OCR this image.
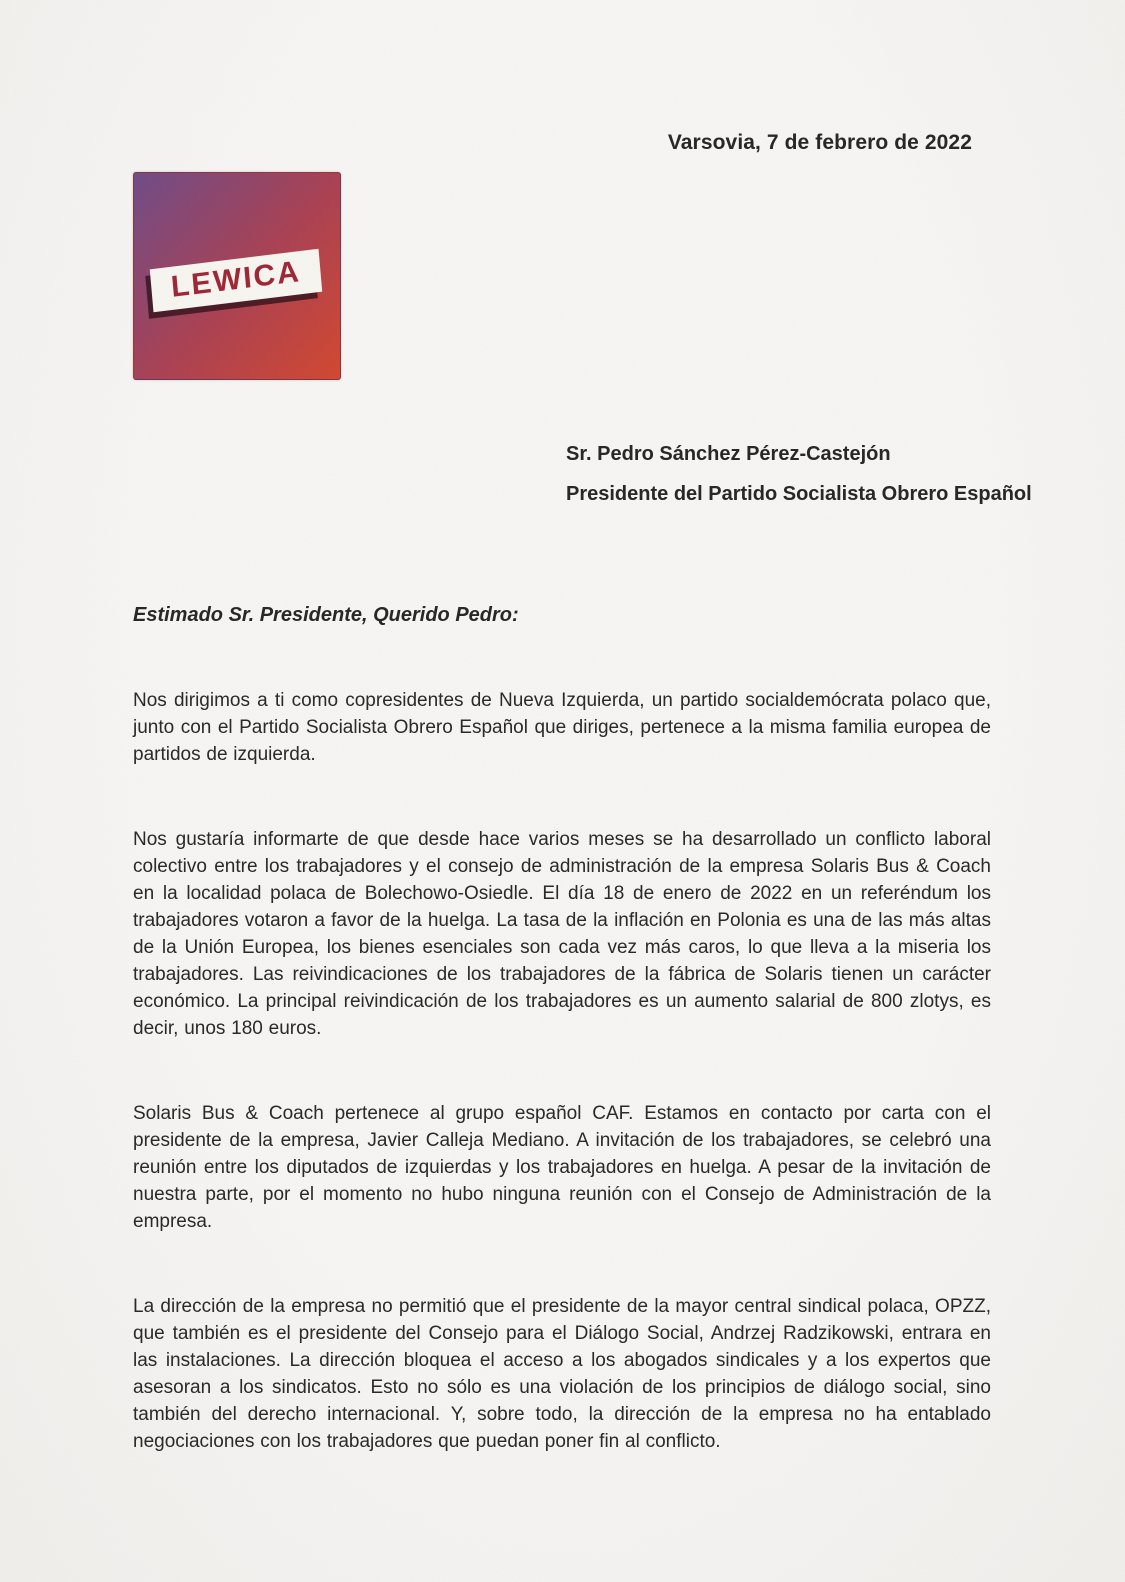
Varsovia, 7 de febrero de 2022
LEWICA
Sr. Pedro Sánchez Pérez-Castejón
Presidente del Partido Socialista Obrero Español
Estimado Sr. Presidente, Querido Pedro:

Nos dirigimos a ti como copresidentes de Nueva Izquierda, un partido socialdemócrata polaco que, junto con el Partido Socialista Obrero Español que diriges, pertenece a la misma familia europea de partidos de izquierda.

Nos gustaría informarte de que desde hace varios meses se ha desarrollado un conflicto laboral colectivo entre los trabajadores y el consejo de administración de la empresa Solaris Bus & Coach en la localidad polaca de Bolechowo-Osiedle. El día 18 de enero de 2022 en un referéndum los trabajadores votaron a favor de la huelga. La tasa de la inflación en Polonia es una de las más altas de la Unión Europea, los bienes esenciales son cada vez más caros, lo que lleva a la miseria los trabajadores. Las reivindicaciones de los trabajadores de la fábrica de Solaris tienen un carácter económico. La principal reivindicación de los trabajadores es un aumento salarial de 800 zlotys, es decir, unos 180 euros.

Solaris Bus & Coach pertenece al grupo español CAF. Estamos en contacto por carta con el presidente de la empresa, Javier Calleja Mediano. A invitación de los trabajadores, se celebró una reunión entre los diputados de izquierdas y los trabajadores en huelga. A pesar de la invitación de nuestra parte, por el momento no hubo ninguna reunión con el Consejo de Administración de la empresa.

La dirección de la empresa no permitió que el presidente de la mayor central sindical polaca, OPZZ, que también es el presidente del Consejo para el Diálogo Social, Andrzej Radzikowski, entrara en las instalaciones. La dirección bloquea el acceso a los abogados sindicales y a los expertos que asesoran a los sindicatos. Esto no sólo es una violación de los principios de diálogo social, sino también del derecho internacional. Y, sobre todo, la dirección de la empresa no ha entablado negociaciones con los trabajadores que puedan poner fin al conflicto.
